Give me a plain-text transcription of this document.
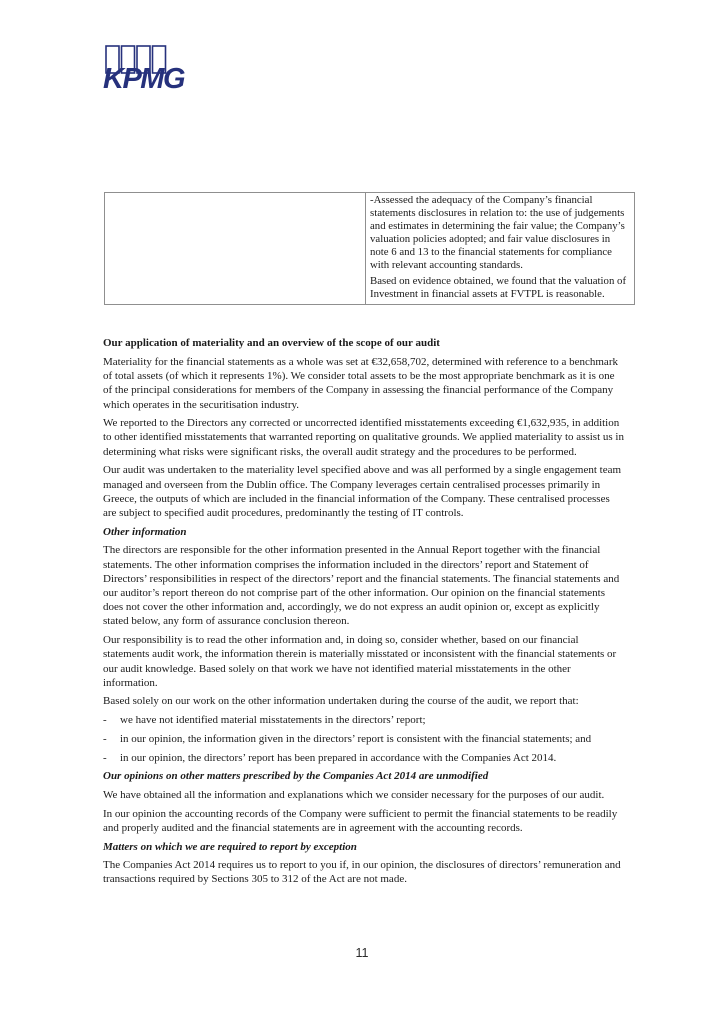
KPMG

-Assessed the adequacy of the Company’s financial statements disclosures in relation to: the use of judgements and estimates in determining the fair value; the Company’s valuation policies adopted; and fair value disclosures in note 6 and 13 to the financial statements for compliance with relevant accounting standards.

Based on evidence obtained, we found that the valuation of Investment in financial assets at FVTPL is reasonable.

Our application of materiality and an overview of the scope of our audit

Materiality for the financial statements as a whole was set at €32,658,702, determined with reference to a benchmark of total assets (of which it represents 1%). We consider total assets to be the most appropriate benchmark as it is one of the principal considerations for members of the Company in assessing the financial performance of the Company which operates in the securitisation industry.

We reported to the Directors any corrected or uncorrected identified misstatements exceeding €1,632,935, in addition to other identified misstatements that warranted reporting on qualitative grounds. We applied materiality to assist us in determining what risks were significant risks, the overall audit strategy and the procedures to be performed.

Our audit was undertaken to the materiality level specified above and was all performed by a single engagement team managed and overseen from the Dublin office. The Company leverages certain centralised processes primarily in Greece, the outputs of which are included in the financial information of the Company. These centralised processes are subject to specified audit procedures, predominantly the testing of IT controls.

Other information

The directors are responsible for the other information presented in the Annual Report together with the financial statements. The other information comprises the information included in the directors’ report and Statement of Directors’ responsibilities in respect of the directors’ report and the financial statements. The financial statements and our auditor’s report thereon do not comprise part of the other information. Our opinion on the financial statements does not cover the other information and, accordingly, we do not express an audit opinion or, except as explicitly stated below, any form of assurance conclusion thereon.

Our responsibility is to read the other information and, in doing so, consider whether, based on our financial statements audit work, the information therein is materially misstated or inconsistent with the financial statements or our audit knowledge. Based solely on that work we have not identified material misstatements in the other information.

Based solely on our work on the other information undertaken during the course of the audit, we report that:

-	we have not identified material misstatements in the directors’ report;
-	in our opinion, the information given in the directors’ report is consistent with the financial statements; and
-	in our opinion, the directors’ report has been prepared in accordance with the Companies Act 2014.

Our opinions on other matters prescribed by the Companies Act 2014 are unmodified

We have obtained all the information and explanations which we consider necessary for the purposes of our audit.

In our opinion the accounting records of the Company were sufficient to permit the financial statements to be readily and properly audited and the financial statements are in agreement with the accounting records.

Matters on which we are required to report by exception

The Companies Act 2014 requires us to report to you if, in our opinion, the disclosures of directors’ remuneration and transactions required by Sections 305 to 312 of the Act are not made.

11
